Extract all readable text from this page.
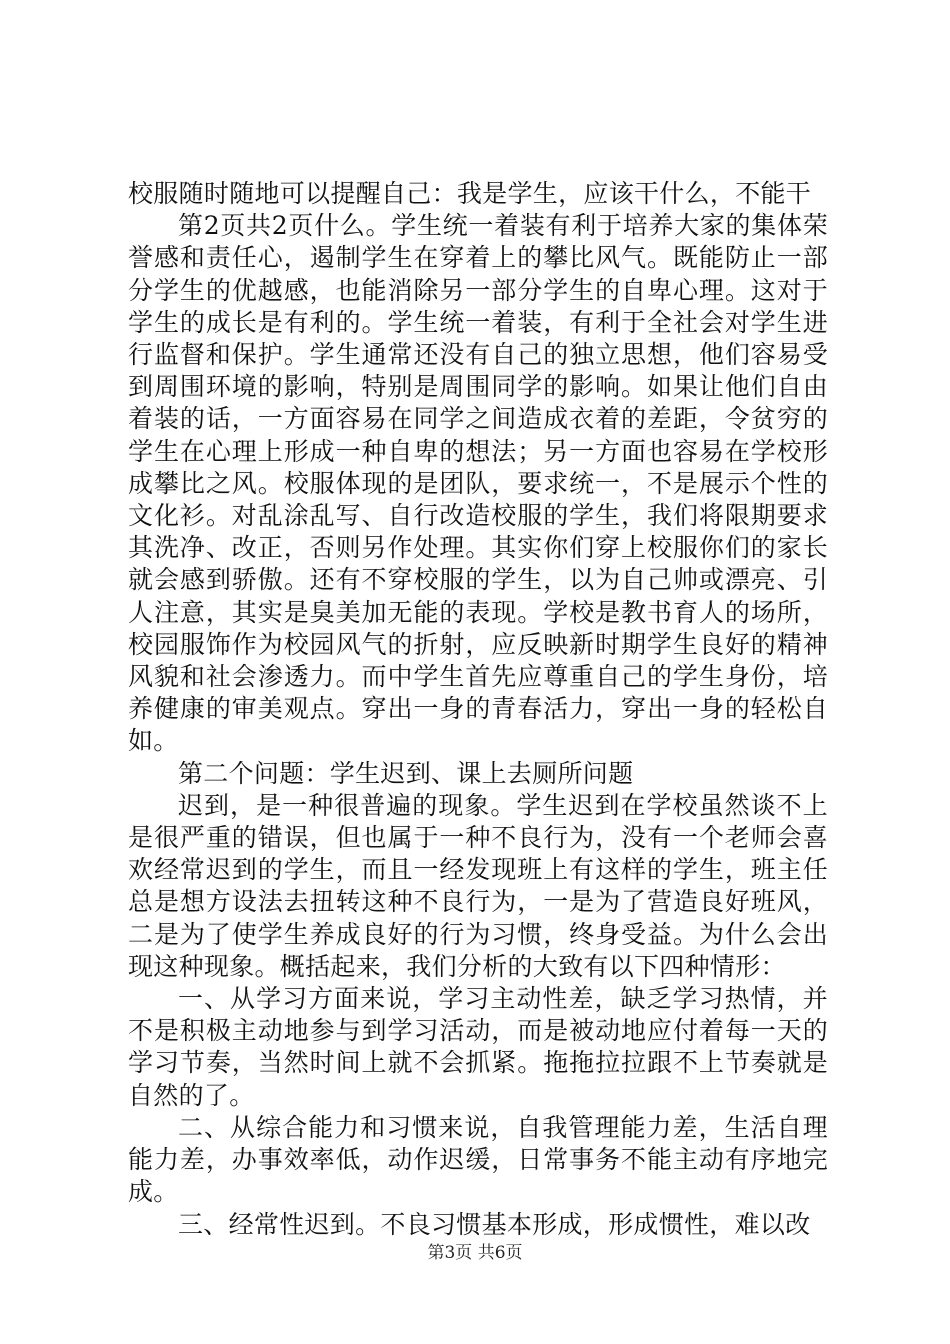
校服随时随地可以提醒自己：我是学生，应该干什么，不能干

第2页共2页什么。学生统一着装有利于培养大家的集体荣誉感和责任心，遏制学生在穿着上的攀比风气。既能防止一部分学生的优越感，也能消除另一部分学生的自卑心理。这对于学生的成长是有利的。学生统一着装，有利于全社会对学生进行监督和保护。学生通常还没有自己的独立思想，他们容易受到周围环境的影响，特别是周围同学的影响。如果让他们自由着装的话，一方面容易在同学之间造成衣着的差距，令贫穷的学生在心理上形成一种自卑的想法；另一方面也容易在学校形成攀比之风。校服体现的是团队，要求统一，不是展示个性的文化衫。对乱涂乱写、自行改造校服的学生，我们将限期要求其洗净、改正，否则另作处理。其实你们穿上校服你们的家长就会感到骄傲。还有不穿校服的学生，以为自己帅或漂亮、引人注意，其实是臭美加无能的表现。学校是教书育人的场所，校园服饰作为校园风气的折射，应反映新时期学生良好的精神风貌和社会渗透力。而中学生首先应尊重自己的学生身份，培养健康的审美观点。穿出一身的青春活力，穿出一身的轻松自如。

第二个问题：学生迟到、课上去厕所问题

迟到，是一种很普遍的现象。学生迟到在学校虽然谈不上是很严重的错误，但也属于一种不良行为，没有一个老师会喜欢经常迟到的学生，而且一经发现班上有这样的学生，班主任总是想方设法去扭转这种不良行为，一是为了营造良好班风，二是为了使学生养成良好的行为习惯，终身受益。为什么会出现这种现象。概括起来，我们分析的大致有以下四种情形：

一、从学习方面来说，学习主动性差，缺乏学习热情，并不是积极主动地参与到学习活动，而是被动地应付着每一天的学习节奏，当然时间上就不会抓紧。拖拖拉拉跟不上节奏就是自然的了。

二、从综合能力和习惯来说，自我管理能力差，生活自理能力差，办事效率低，动作迟缓，日常事务不能主动有序地完成。

三、经常性迟到。不良习惯基本形成，形成惯性，难以改

第3页 共6页
